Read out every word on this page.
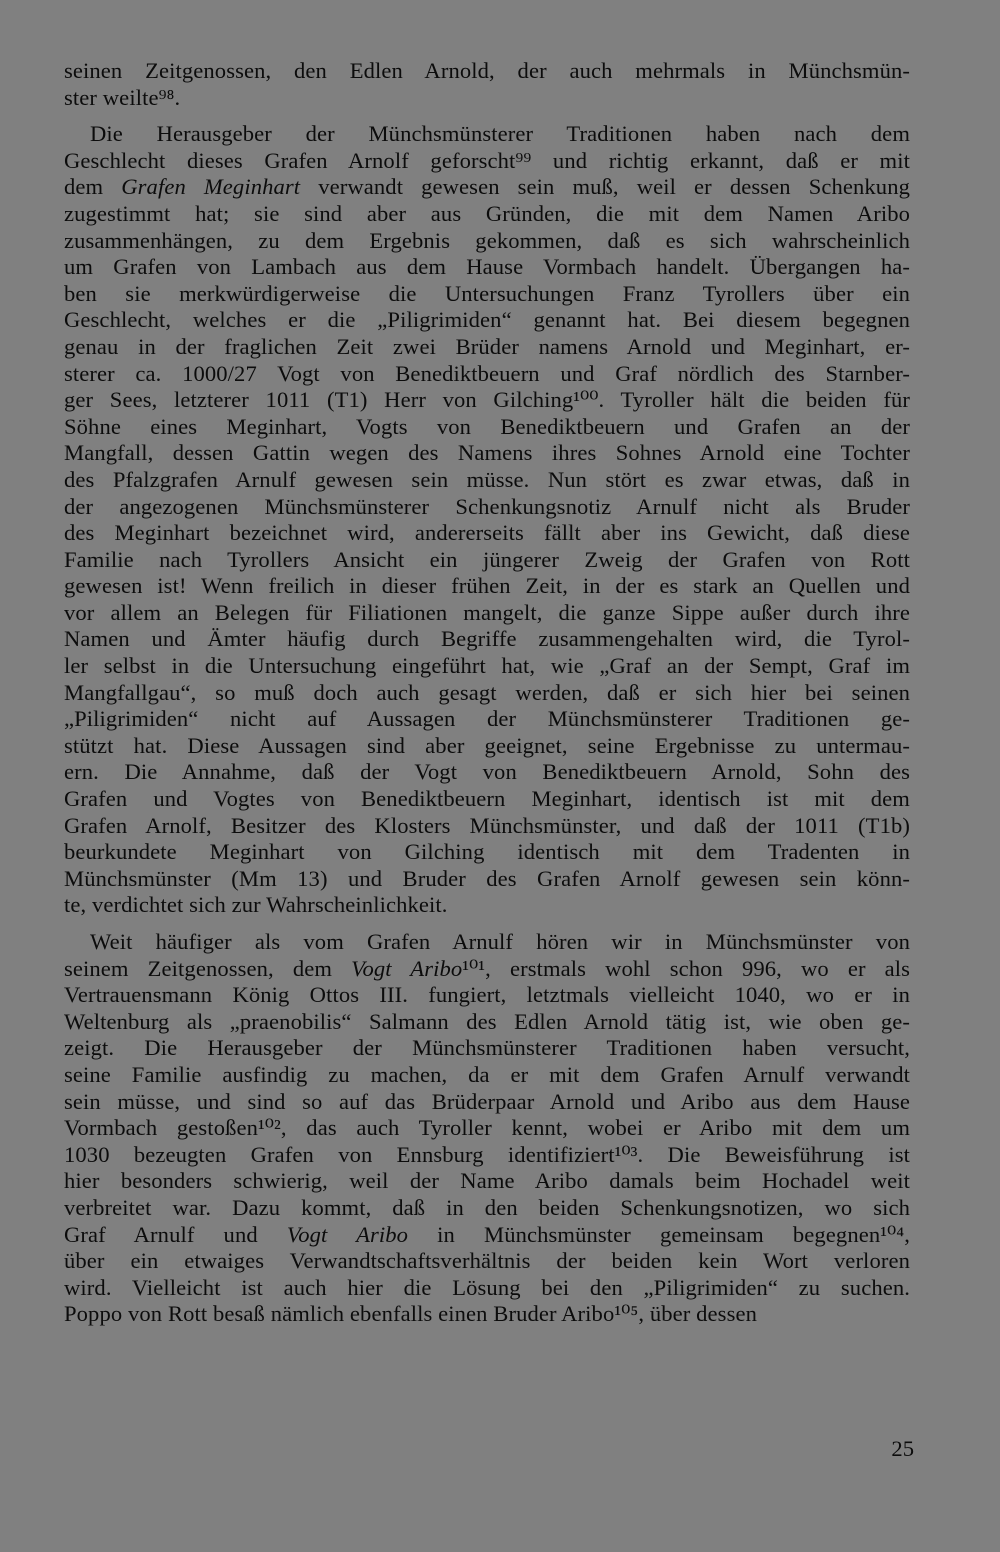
seinen Zeitgenossen, den Edlen Arnold, der auch mehrmals in Münchsmün-
ster weilte⁹⁸.
Die Herausgeber der Münchsmünsterer Traditionen haben nach dem
Geschlecht dieses Grafen Arnolf geforscht⁹⁹ und richtig erkannt, daß er mit
dem Grafen Meginhart verwandt gewesen sein muß, weil er dessen Schenkung
zugestimmt hat; sie sind aber aus Gründen, die mit dem Namen Aribo
zusammenhängen, zu dem Ergebnis gekommen, daß es sich wahrscheinlich
um Grafen von Lambach aus dem Hause Vormbach handelt. Übergangen ha-
ben sie merkwürdigerweise die Untersuchungen Franz Tyrollers über ein
Geschlecht, welches er die „Piligrimiden“ genannt hat. Bei diesem begegnen
genau in der fraglichen Zeit zwei Brüder namens Arnold und Meginhart, er-
sterer ca. 1000/27 Vogt von Benediktbeuern und Graf nördlich des Starnber-
ger Sees, letzterer 1011 (T1) Herr von Gilching¹⁰⁰. Tyroller hält die beiden für
Söhne eines Meginhart, Vogts von Benediktbeuern und Grafen an der
Mangfall, dessen Gattin wegen des Namens ihres Sohnes Arnold eine Tochter
des Pfalzgrafen Arnulf gewesen sein müsse. Nun stört es zwar etwas, daß in
der angezogenen Münchsmünsterer Schenkungsnotiz Arnulf nicht als Bruder
des Meginhart bezeichnet wird, andererseits fällt aber ins Gewicht, daß diese
Familie nach Tyrollers Ansicht ein jüngerer Zweig der Grafen von Rott
gewesen ist! Wenn freilich in dieser frühen Zeit, in der es stark an Quellen und
vor allem an Belegen für Filiationen mangelt, die ganze Sippe außer durch ihre
Namen und Ämter häufig durch Begriffe zusammengehalten wird, die Tyrol-
ler selbst in die Untersuchung eingeführt hat, wie „Graf an der Sempt, Graf im
Mangfallgau“, so muß doch auch gesagt werden, daß er sich hier bei seinen
„Piligrimiden“ nicht auf Aussagen der Münchsmünsterer Traditionen ge-
stützt hat. Diese Aussagen sind aber geeignet, seine Ergebnisse zu untermau-
ern. Die Annahme, daß der Vogt von Benediktbeuern Arnold, Sohn des
Grafen und Vogtes von Benediktbeuern Meginhart, identisch ist mit dem
Grafen Arnolf, Besitzer des Klosters Münchsmünster, und daß der 1011 (T1b)
beurkundete Meginhart von Gilching identisch mit dem Tradenten in
Münchsmünster (Mm 13) und Bruder des Grafen Arnolf gewesen sein könn-
te, verdichtet sich zur Wahrscheinlichkeit.
Weit häufiger als vom Grafen Arnulf hören wir in Münchsmünster von
seinem Zeitgenossen, dem Vogt Aribo¹⁰¹, erstmals wohl schon 996, wo er als
Vertrauensmann König Ottos III. fungiert, letztmals vielleicht 1040, wo er in
Weltenburg als „praenobilis“ Salmann des Edlen Arnold tätig ist, wie oben ge-
zeigt. Die Herausgeber der Münchsmünsterer Traditionen haben versucht,
seine Familie ausfindig zu machen, da er mit dem Grafen Arnulf verwandt
sein müsse, und sind so auf das Brüderpaar Arnold und Aribo aus dem Hause
Vormbach gestoßen¹⁰², das auch Tyroller kennt, wobei er Aribo mit dem um
1030 bezeugten Grafen von Ennsburg identifiziert¹⁰³. Die Beweisführung ist
hier besonders schwierig, weil der Name Aribo damals beim Hochadel weit
verbreitet war. Dazu kommt, daß in den beiden Schenkungsnotizen, wo sich
Graf Arnulf und Vogt Aribo in Münchsmünster gemeinsam begegnen¹⁰⁴,
über ein etwaiges Verwandtschaftsverhältnis der beiden kein Wort verloren
wird. Vielleicht ist auch hier die Lösung bei den „Piligrimiden“ zu suchen.
Poppo von Rott besaß nämlich ebenfalls einen Bruder Aribo¹⁰⁵, über dessen
25
